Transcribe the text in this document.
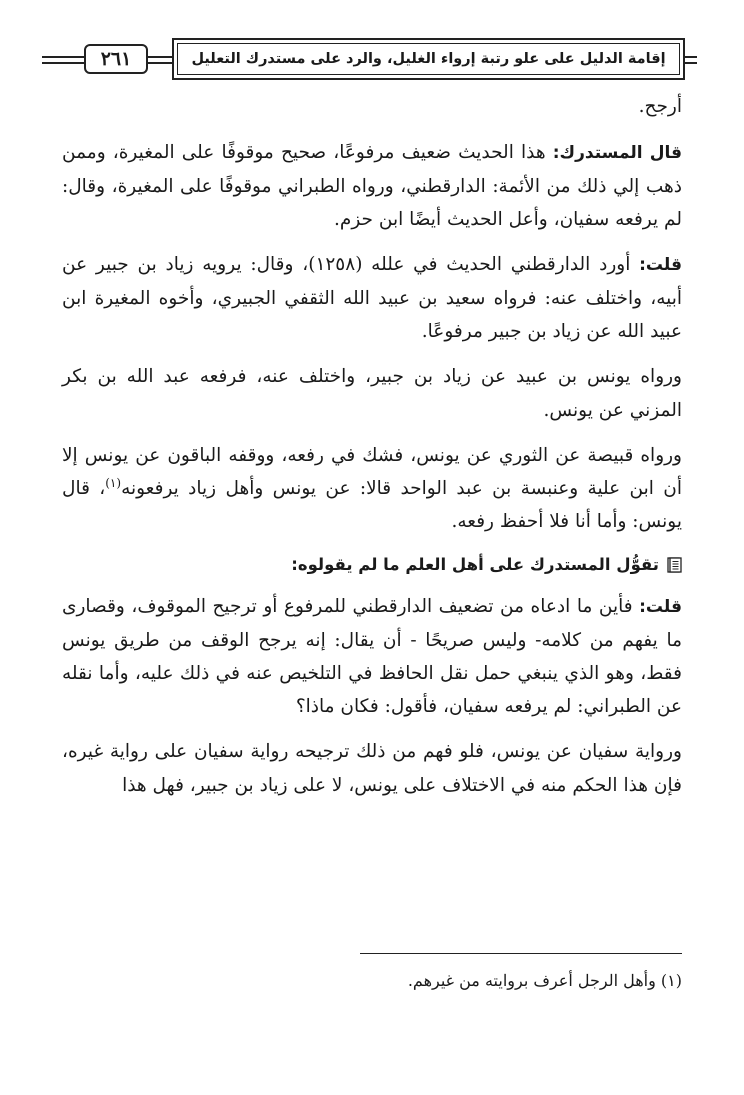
٢٦١	إقامة الدليل على علو رتبة إرواء الغليل، والرد على مستدرك التعليل

أرجح.

قال المستدرك: هذا الحديث ضعيف مرفوعًا، صحيح موقوفًا على المغيرة، وممن ذهب إلي ذلك من الأئمة: الدارقطني، ورواه الطبراني موقوفًا على المغيرة، وقال: لم يرفعه سفيان، وأعل الحديث أيضًا ابن حزم.

قلت: أورد الدارقطني الحديث في علله (١٢٥٨)، وقال: يرويه زياد بن جبير عن أبيه، واختلف عنه: فرواه سعيد بن عبيد الله الثقفي الجبيري، وأخوه المغيرة ابن عبيد الله عن زياد بن جبير مرفوعًا.

ورواه يونس بن عبيد عن زياد بن جبير، واختلف عنه، فرفعه عبد الله بن بكر المزني عن يونس.

ورواه قبيصة عن الثوري عن يونس، فشك في رفعه، ووقفه الباقون عن يونس إلا أن ابن علية وعنبسة بن عبد الواحد قالا: عن يونس وأهل زياد يرفعونه$^{(١)}$، قال يونس: وأما أنا فلا أحفظ رفعه.

تقوُّل المستدرك على أهل العلم ما لم يقولوه:

قلت: فأين ما ادعاه من تضعيف الدارقطني للمرفوع أو ترجيح الموقوف، وقصارى ما يفهم من كلامه- وليس صريحًا - أن يقال: إنه يرجح الوقف من طريق يونس فقط، وهو الذي ينبغي حمل نقل الحافظ في التلخيص عنه في ذلك عليه، وأما نقله عن الطبراني: لم يرفعه سفيان، فأقول: فكان ماذا؟

ورواية سفيان عن يونس، فلو فهم من ذلك ترجيحه رواية سفيان على رواية غيره، فإن هذا الحكم منه في الاختلاف على يونس، لا على زياد بن جبير، فهل هذا

(١) وأهل الرجل أعرف بروايته من غيرهم.
